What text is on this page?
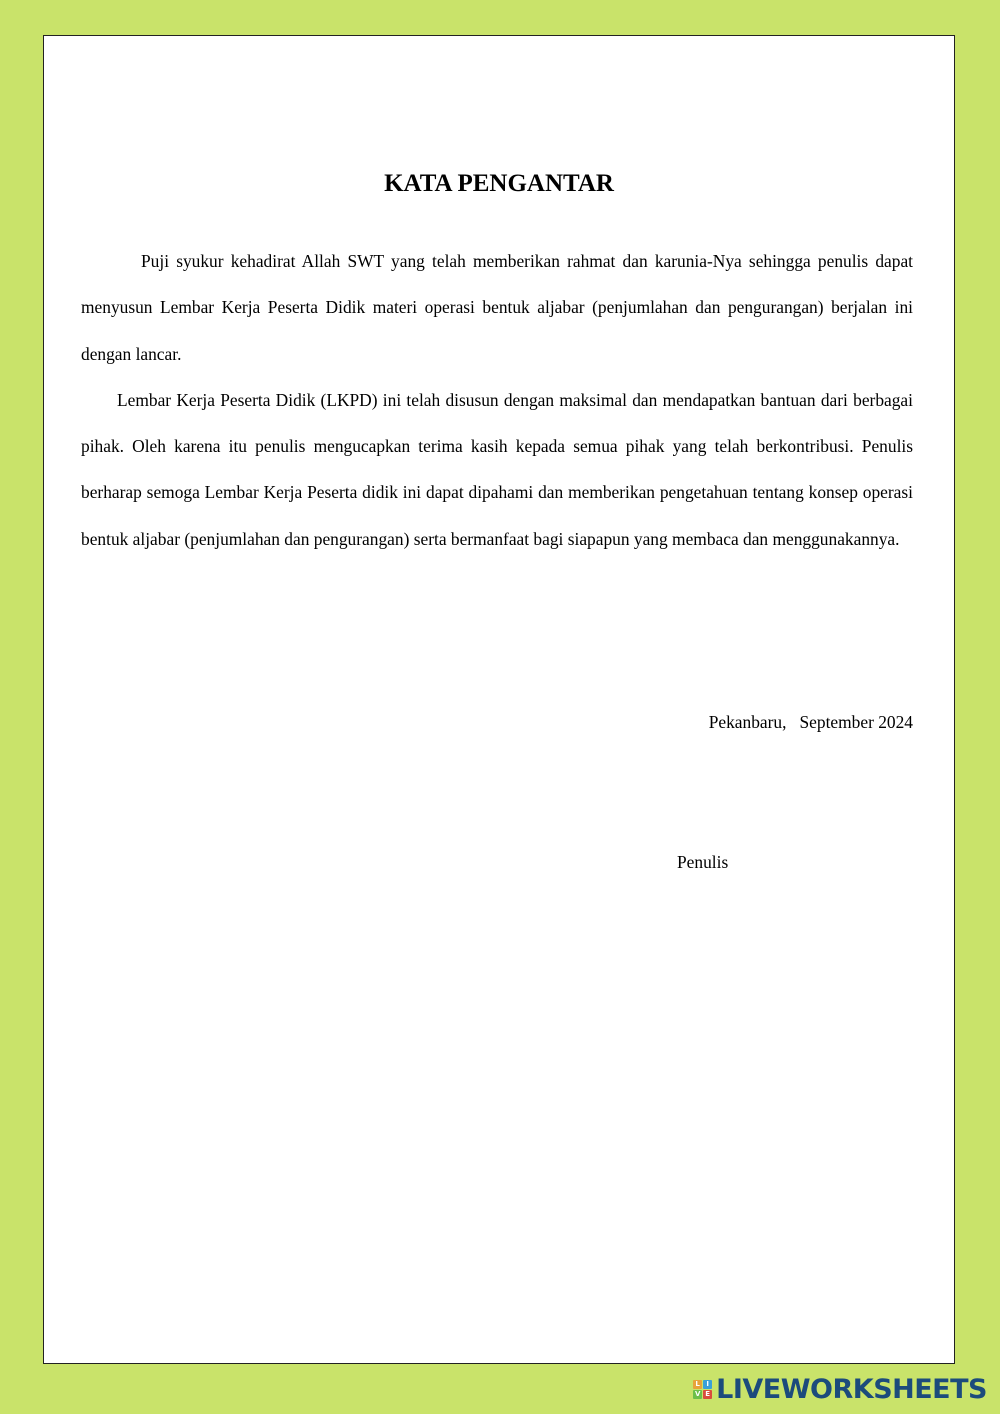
KATA PENGANTAR

Puji syukur kehadirat Allah SWT yang telah memberikan rahmat dan karunia-Nya sehingga penulis dapat menyusun Lembar Kerja Peserta Didik materi operasi bentuk aljabar (penjumlahan dan pengurangan) berjalan ini dengan lancar.

Lembar Kerja Peserta Didik (LKPD) ini telah disusun dengan maksimal dan mendapatkan bantuan dari berbagai pihak. Oleh karena itu penulis mengucapkan terima kasih kepada semua pihak yang telah berkontribusi. Penulis berharap semoga Lembar Kerja Peserta didik ini dapat dipahami dan memberikan pengetahuan tentang konsep operasi bentuk aljabar (penjumlahan dan pengurangan) serta bermanfaat bagi siapapun yang membaca dan menggunakannya.

Pekanbaru,   September 2024
Penulis
L I
V E LIVEWORKSHEETS
